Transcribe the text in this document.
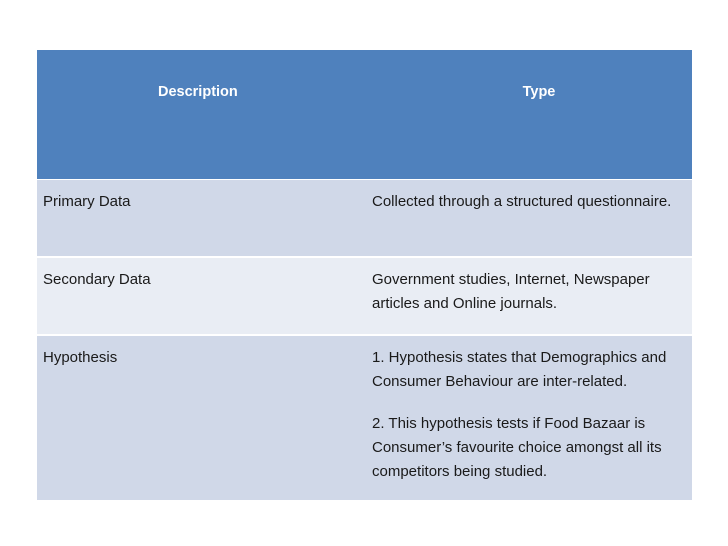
Description	Type
Primary Data	Collected through a structured questionnaire.

Secondary Data	Government studies, Internet, Newspaper articles and Online journals.

Hypothesis	1. Hypothesis states that Demographics and Consumer Behaviour are inter-related.
2. This hypothesis tests if Food Bazaar is Consumer’s favourite choice amongst all its competitors being studied.
